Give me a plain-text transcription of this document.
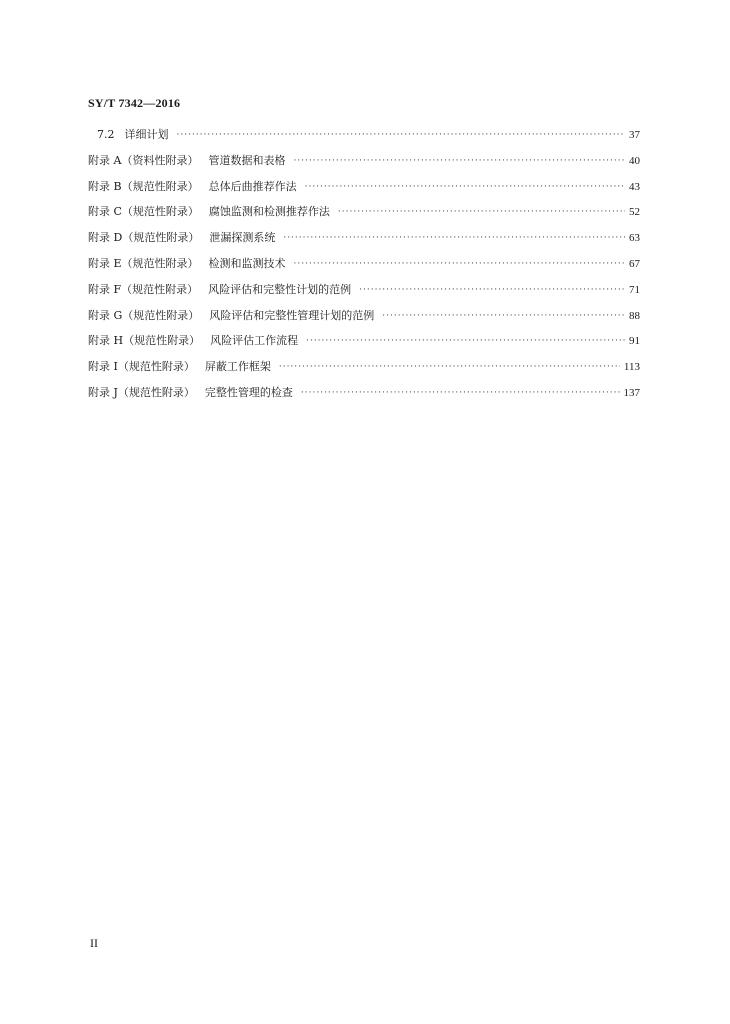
SY/T 7342—2016
7.2 详细计划 ·····	37
附录 A（资料性附录） 管道数据和表格 ·····	40
附录 B（规范性附录） 总体后曲推荐作法 ·····	43
附录 C（规范性附录） 腐蚀监测和检测推荐作法 ·····	52
附录 D（规范性附录） 泄漏探测系统 ·····	63
附录 E（规范性附录） 检测和监测技术 ·····	67
附录 F（规范性附录） 风险评估和完整性计划的范例 ·····	71
附录 G（规范性附录） 风险评估和完整性管理计划的范例 ·····	88
附录 H（规范性附录） 风险评估工作流程 ·····	91
附录 I（规范性附录） 屏蔽工作框架 ·····	113
附录 J（规范性附录） 完整性管理的检查 ·····	137
II
